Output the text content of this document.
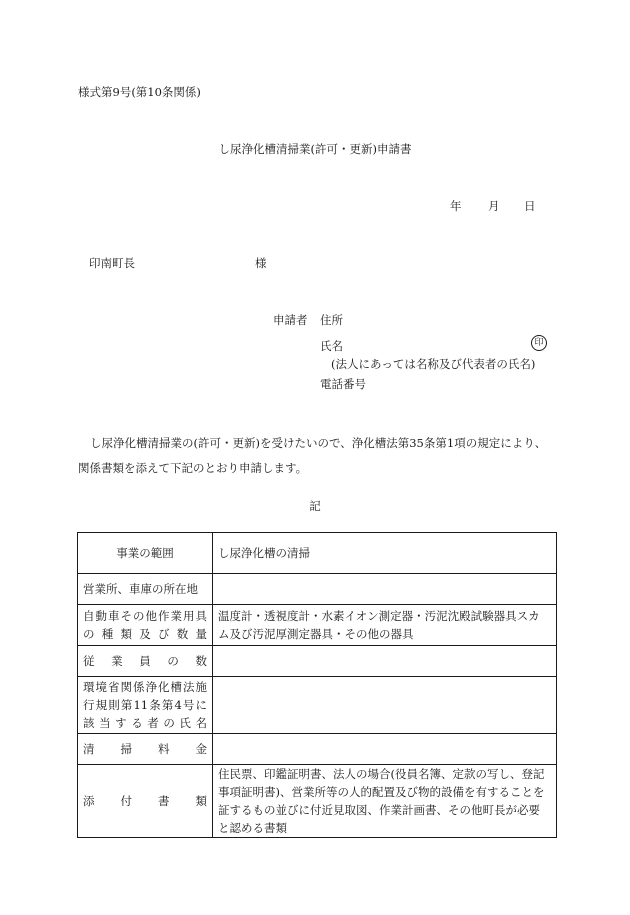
様式第9号(第10条関係)
し尿浄化槽清掃業(許可・更新)申請書
年	月	日
印南町長	様
申請者 住所
氏名	印
(法人にあっては名称及び代表者の氏名)
電話番号
し尿浄化槽清掃業の(許可・更新)を受けたいので、浄化槽法第35条第1項の規定により、
関係書類を添えて下記のとおり申請します。
記
事業の範囲	し尿浄化槽の清掃
営業所、車庫の所在地	
自動車その他作業用具の種類及び数量	温度計・透視度計・水素イオン測定器・汚泥沈殿試験器具スカム及び汚泥厚測定器具・その他の器具
従業員の数	
環境省関係浄化槽法施行規則第11条第4号に該当する者の氏名	
清掃料金	
添付書類	住民票、印鑑証明書、法人の場合(役員名簿、定款の写し、登記事項証明書)、営業所等の人的配置及び物的設備を有することを証するもの並びに付近見取図、作業計画書、その他町長が必要と認める書類
